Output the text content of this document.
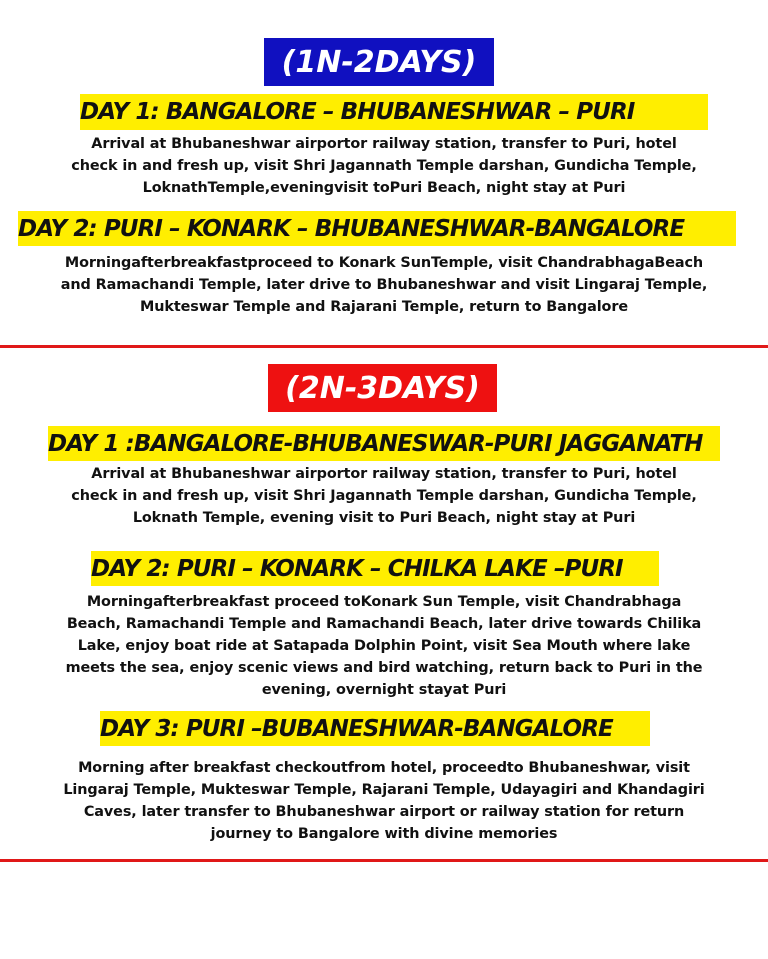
(1N-2DAYS)
DAY 1: BANGALORE – BHUBANESHWAR – PURI
Arrival at Bhubaneshwar airportor railway station, transfer to Puri, hotel
check in and fresh up, visit Shri Jagannath Temple darshan, Gundicha Temple,
LoknathTemple,eveningvisit toPuri Beach, night stay at Puri
DAY 2: PURI – KONARK – BHUBANESHWAR-BANGALORE
Morningafterbreakfastproceed to Konark SunTemple, visit ChandrabhagaBeach
and Ramachandi Temple, later drive to Bhubaneshwar and visit Lingaraj Temple,
Mukteswar Temple and Rajarani Temple, return to Bangalore
(2N-3DAYS)
DAY 1 :BANGALORE-BHUBANESWAR-PURI JAGGANATH
Arrival at Bhubaneshwar airportor railway station, transfer to Puri, hotel
check in and fresh up, visit Shri Jagannath Temple darshan, Gundicha Temple,
Loknath Temple, evening visit to Puri Beach, night stay at Puri
DAY 2: PURI – KONARK – CHILKA LAKE –PURI
Morningafterbreakfast proceed toKonark Sun Temple, visit Chandrabhaga
Beach, Ramachandi Temple and Ramachandi Beach, later drive towards Chilika
Lake, enjoy boat ride at Satapada Dolphin Point, visit Sea Mouth where lake
meets the sea, enjoy scenic views and bird watching, return back to Puri in the
evening, overnight stayat Puri
DAY 3: PURI –BUBANESHWAR-BANGALORE
Morning after breakfast checkoutfrom hotel, proceedto Bhubaneshwar, visit
Lingaraj Temple, Mukteswar Temple, Rajarani Temple, Udayagiri and Khandagiri
Caves, later transfer to Bhubaneshwar airport or railway station for return
journey to Bangalore with divine memories
